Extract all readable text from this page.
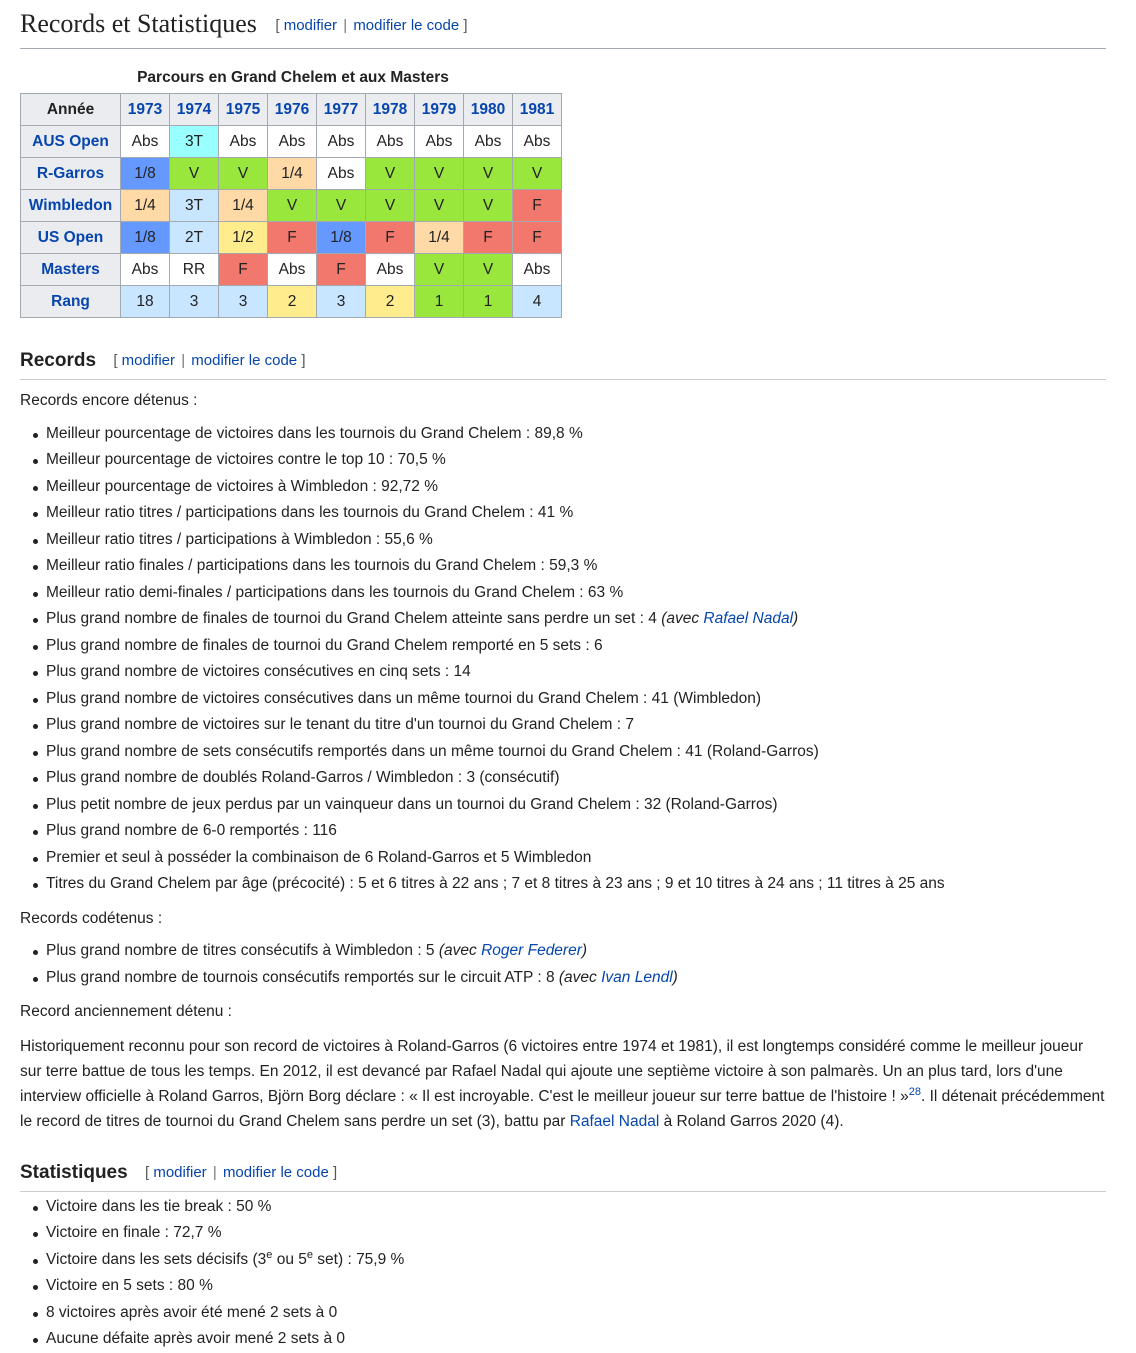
Records et Statistiques [ modifier | modifier le code ]
Parcours en Grand Chelem et aux Masters
Année	1973	1974	1975	1976	1977	1978	1979	1980	1981
AUS Open	Abs	3T	Abs	Abs	Abs	Abs	Abs	Abs	Abs
R-Garros	1/8	V	V	1/4	Abs	V	V	V	V
Wimbledon	1/4	3T	1/4	V	V	V	V	V	F
US Open	1/8	2T	1/2	F	1/8	F	1/4	F	F
Masters	Abs	RR	F	Abs	F	Abs	V	V	Abs
Rang	18	3	3	2	3	2	1	1	4
Records [ modifier | modifier le code ]

Records encore détenus :

Meilleur pourcentage de victoires dans les tournois du Grand Chelem : 89,8 %
Meilleur pourcentage de victoires contre le top 10 : 70,5 %
Meilleur pourcentage de victoires à Wimbledon : 92,72 %
Meilleur ratio titres / participations dans les tournois du Grand Chelem : 41 %
Meilleur ratio titres / participations à Wimbledon : 55,6 %
Meilleur ratio finales / participations dans les tournois du Grand Chelem : 59,3 %
Meilleur ratio demi-finales / participations dans les tournois du Grand Chelem : 63 %
Plus grand nombre de finales de tournoi du Grand Chelem atteinte sans perdre un set : 4 (avec Rafael Nadal)
Plus grand nombre de finales de tournoi du Grand Chelem remporté en 5 sets : 6
Plus grand nombre de victoires consécutives en cinq sets : 14
Plus grand nombre de victoires consécutives dans un même tournoi du Grand Chelem : 41 (Wimbledon)
Plus grand nombre de victoires sur le tenant du titre d'un tournoi du Grand Chelem : 7
Plus grand nombre de sets consécutifs remportés dans un même tournoi du Grand Chelem : 41 (Roland-Garros)
Plus grand nombre de doublés Roland-Garros / Wimbledon : 3 (consécutif)
Plus petit nombre de jeux perdus par un vainqueur dans un tournoi du Grand Chelem : 32 (Roland-Garros)
Plus grand nombre de 6-0 remportés : 116
Premier et seul à posséder la combinaison de 6 Roland-Garros et 5 Wimbledon
Titres du Grand Chelem par âge (précocité) : 5 et 6 titres à 22 ans ; 7 et 8 titres à 23 ans ; 9 et 10 titres à 24 ans ; 11 titres à 25 ans

Records codétenus :

Plus grand nombre de titres consécutifs à Wimbledon : 5 (avec Roger Federer)
Plus grand nombre de tournois consécutifs remportés sur le circuit ATP : 8 (avec Ivan Lendl)

Record anciennement détenu :

Historiquement reconnu pour son record de victoires à Roland-Garros (6 victoires entre 1974 et 1981), il est longtemps considéré comme le meilleur joueur sur terre battue de tous les temps. En 2012, il est devancé par Rafael Nadal qui ajoute une septième victoire à son palmarès. Un an plus tard, lors d'une interview officielle à Roland Garros, Björn Borg déclare : « Il est incroyable. C'est le meilleur joueur sur terre battue de l'histoire ! »$^{28}$. Il détenait précédemment le record de titres de tournoi du Grand Chelem sans perdre un set (3), battu par Rafael Nadal à Roland Garros 2020 (4).

Statistiques [ modifier | modifier le code ]
Victoire dans les tie break : 50 %
Victoire en finale : 72,7 %
Victoire dans les sets décisifs (3e ou 5e set) : 75,9 %
Victoire en 5 sets : 80 %
8 victoires après avoir été mené 2 sets à 0
Aucune défaite après avoir mené 2 sets à 0
